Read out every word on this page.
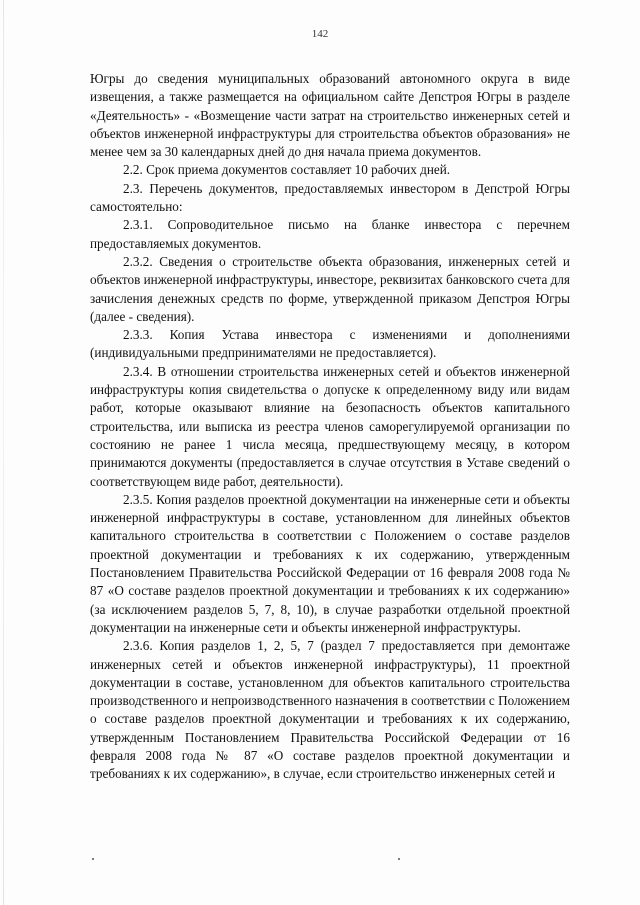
142

Югры до сведения муниципальных образований автономного округа в виде извещения, а также размещается на официальном сайте Депстроя Югры в разделе «Деятельность» - «Возмещение части затрат на строительство инженерных сетей и объектов инженерной инфраструктуры для строительства объектов образования» не менее чем за 30 календарных дней до дня начала приема документов.

2.2. Срок приема документов составляет 10 рабочих дней.

2.3. Перечень документов, предоставляемых инвестором в Депстрой Югры самостоятельно:

2.3.1. Сопроводительное письмо на бланке инвестора с перечнем предоставляемых документов.

2.3.2. Сведения о строительстве объекта образования, инженерных сетей и объектов инженерной инфраструктуры, инвесторе, реквизитах банковского счета для зачисления денежных средств по форме, утвержденной приказом Депстроя Югры (далее - сведения).

2.3.3. Копия Устава инвестора с изменениями и дополнениями (индивидуальными предпринимателями не предоставляется).

2.3.4. В отношении строительства инженерных сетей и объектов инженерной инфраструктуры копия свидетельства о допуске к определенному виду или видам работ, которые оказывают влияние на безопасность объектов капитального строительства, или выписка из реестра членов саморегулируемой организации по состоянию не ранее 1 числа месяца, предшествующему месяцу, в котором принимаются документы (предоставляется в случае отсутствия в Уставе сведений о соответствующем виде работ, деятельности).

2.3.5. Копия разделов проектной документации на инженерные сети и объекты инженерной инфраструктуры в составе, установленном для линейных объектов капитального строительства в соответствии с Положением о составе разделов проектной документации и требованиях к их содержанию, утвержденным Постановлением Правительства Российской Федерации от 16 февраля 2008 года № 87 «О составе разделов проектной документации и требованиях к их содержанию» (за исключением разделов 5, 7, 8, 10), в случае разработки отдельной проектной документации на инженерные сети и объекты инженерной инфраструктуры.

2.3.6. Копия разделов 1, 2, 5, 7 (раздел 7 предоставляется при демонтаже инженерных сетей и объектов инженерной инфраструктуры), 11 проектной документации в составе, установленном для объектов капитального строительства производственного и непроизводственного назначения в соответствии с Положением о составе разделов проектной документации и требованиях к их содержанию, утвержденным Постановлением Правительства Российской Федерации от 16 февраля 2008 года № 87 «О составе разделов проектной документации и требованиях к их содержанию», в случае, если строительство инженерных сетей и
